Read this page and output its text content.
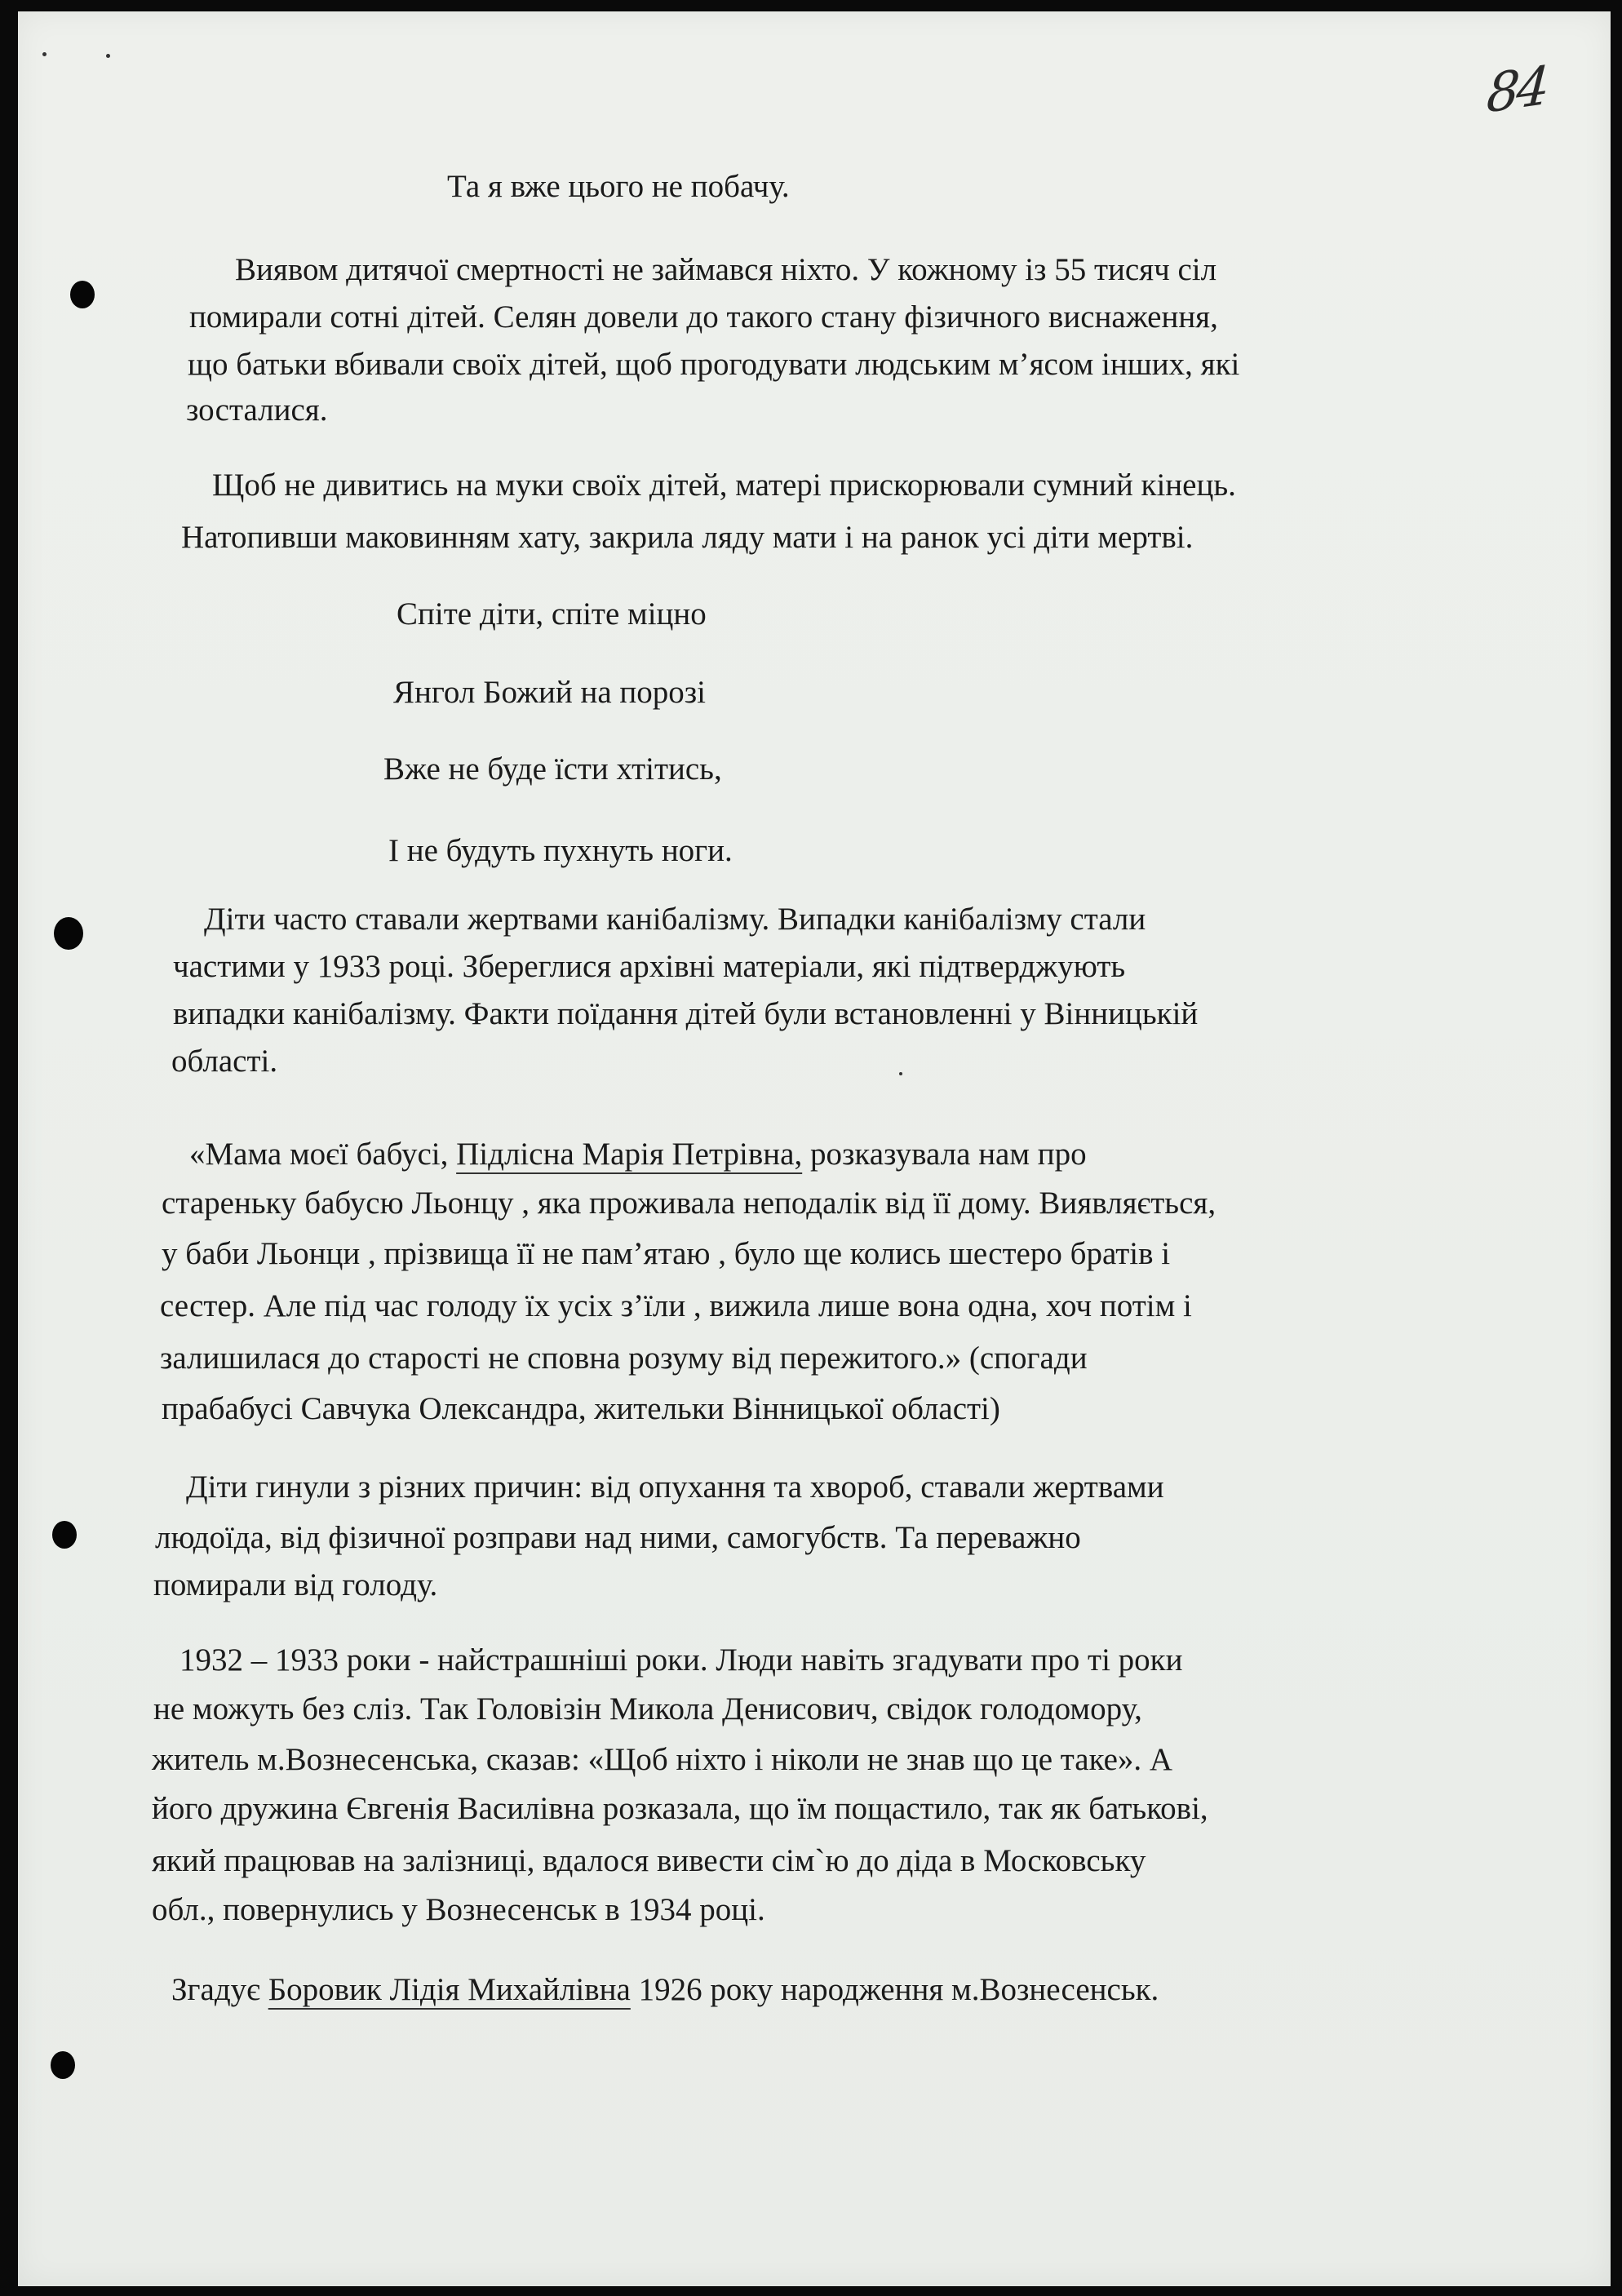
84

Та я вже цього не побачу.

Виявом дитячої смертності не займався ніхто. У кожному із 55 тисяч сіл

помирали сотні дітей. Селян довели до такого стану фізичного виснаження,

що батьки вбивали своїх дітей, щоб прогодувати людським м’ясом інших, які

зосталися.

Щоб не дивитись на муки своїх дітей, матері прискорювали сумний кінець.

Натопивши маковинням хату, закрила ляду мати і на ранок усі діти мертві.

Спіте діти, спіте міцно

Янгол Божий на порозі

Вже не буде їсти хтітись,

І не будуть пухнуть ноги.

Діти часто ставали жертвами канібалізму. Випадки канібалізму стали

частими у 1933 році. Збереглися архівні матеріали, які підтверджують

випадки канібалізму. Факти поїдання дітей були встановленні у Вінницькій

області.

«Мама моєї бабусі, Підлісна Марія Петрівна, розказувала нам про

стареньку бабусю Льонцу , яка проживала неподалік від її дому. Виявляється,

у баби Льонци , прізвища її не пам’ятаю , було ще колись шестеро братів і

сестер. Але під час голоду їх усіх з’їли , вижила лише вона одна, хоч потім і

залишилася до старості не сповна розуму від пережитого.» (спогади

прабабусі Савчука Олександра, жительки Вінницької області)

Діти гинули з різних причин: від опухання та хвороб, ставали жертвами

людоїда, від фізичної розправи над ними, самогубств. Та переважно

помирали від голоду.

1932 – 1933 роки - найстрашніші роки. Люди навіть згадувати про ті роки

не можуть без сліз. Так Головізін Микола Денисович, свідок голодомору,

житель м.Вознесенська, сказав: «Щоб ніхто і ніколи не знав що це таке». А

його дружина Євгенія Василівна розказала, що їм пощастило, так як батькові,

який працював на залізниці, вдалося вивести сім`ю до діда в Московську

обл., повернулись у Вознесенськ в 1934 році.

Згадує Боровик Лідія Михайлівна 1926 року народження м.Вознесенськ.
